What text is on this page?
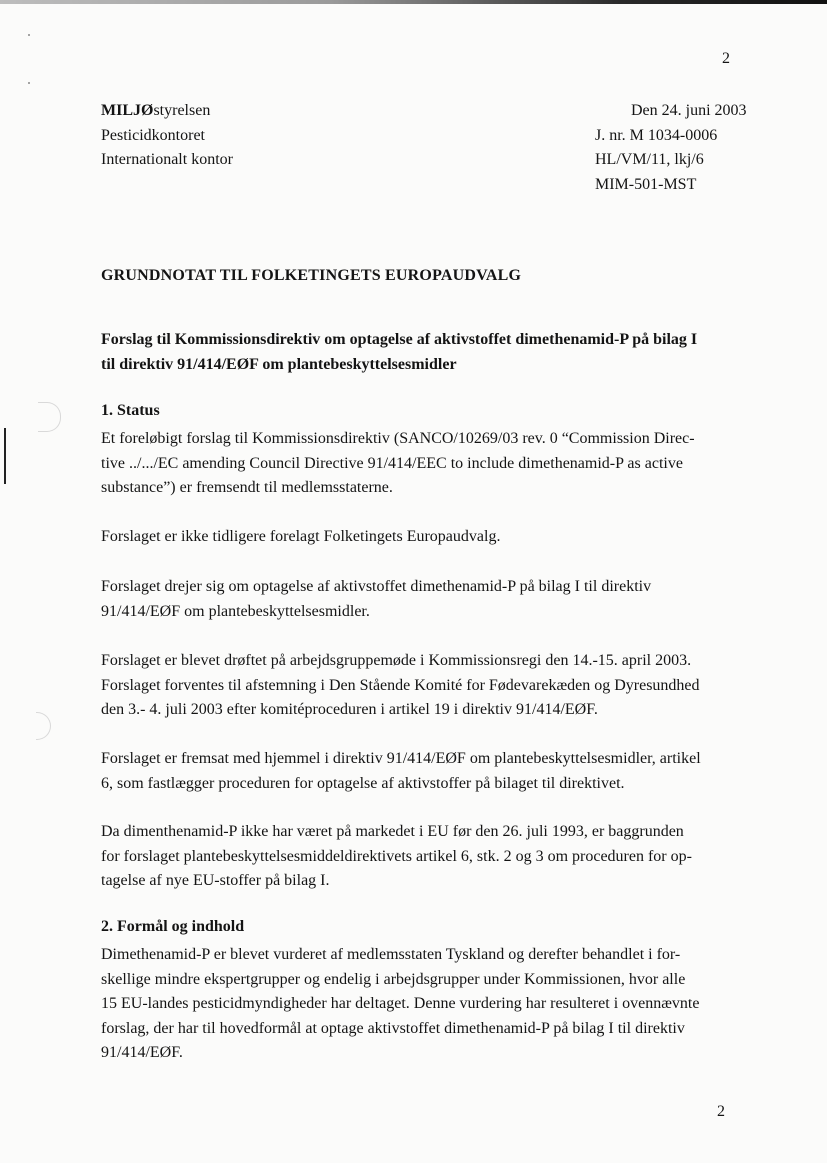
2
MILJØstyrelsen
Pesticidkontoret
Internationalt kontor
Den 24. juni 2003
J. nr. M 1034-0006
HL/VM/11, lkj/6
MIM-501-MST
GRUNDNOTAT TIL FOLKETINGETS EUROPAUDVALG
Forslag til Kommissionsdirektiv om optagelse af aktivstoffet dimethenamid-P på bilag I
til direktiv 91/414/EØF om plantebeskyttelsesmidler
1. Status

Et foreløbigt forslag til Kommissionsdirektiv (SANCO/10269/03 rev. 0 “Commission Direc-

tive ../.../EC amending Council Directive 91/414/EEC to include dimethenamid-P as active

substance”) er fremsendt til medlemsstaterne.

Forslaget er ikke tidligere forelagt Folketingets Europaudvalg.

Forslaget drejer sig om optagelse af aktivstoffet dimethenamid-P på bilag I til direktiv

91/414/EØF om plantebeskyttelsesmidler.

Forslaget er blevet drøftet på arbejdsgruppemøde i Kommissionsregi den 14.-15. april 2003.

Forslaget forventes til afstemning i Den Stående Komité for Fødevarekæden og Dyresundhed

den 3.- 4. juli 2003 efter komitéproceduren i artikel 19 i direktiv 91/414/EØF.

Forslaget er fremsat med hjemmel i direktiv 91/414/EØF om plantebeskyttelsesmidler, artikel

6, som fastlægger proceduren for optagelse af aktivstoffer på bilaget til direktivet.

Da dimenthenamid-P ikke har været på markedet i EU før den 26. juli 1993, er baggrunden

for forslaget plantebeskyttelsesmiddeldirektivets artikel 6, stk. 2 og 3 om proceduren for op-

tagelse af nye EU-stoffer på bilag I.

2. Formål og indhold

Dimethenamid-P er blevet vurderet af medlemsstaten Tyskland og derefter behandlet i for-

skellige mindre ekspertgrupper og endelig i arbejdsgrupper under Kommissionen, hvor alle

15 EU-landes pesticidmyndigheder har deltaget. Denne vurdering har resulteret i ovennævnte

forslag, der har til hovedformål at optage aktivstoffet dimethenamid-P på bilag I til direktiv

91/414/EØF.

2
